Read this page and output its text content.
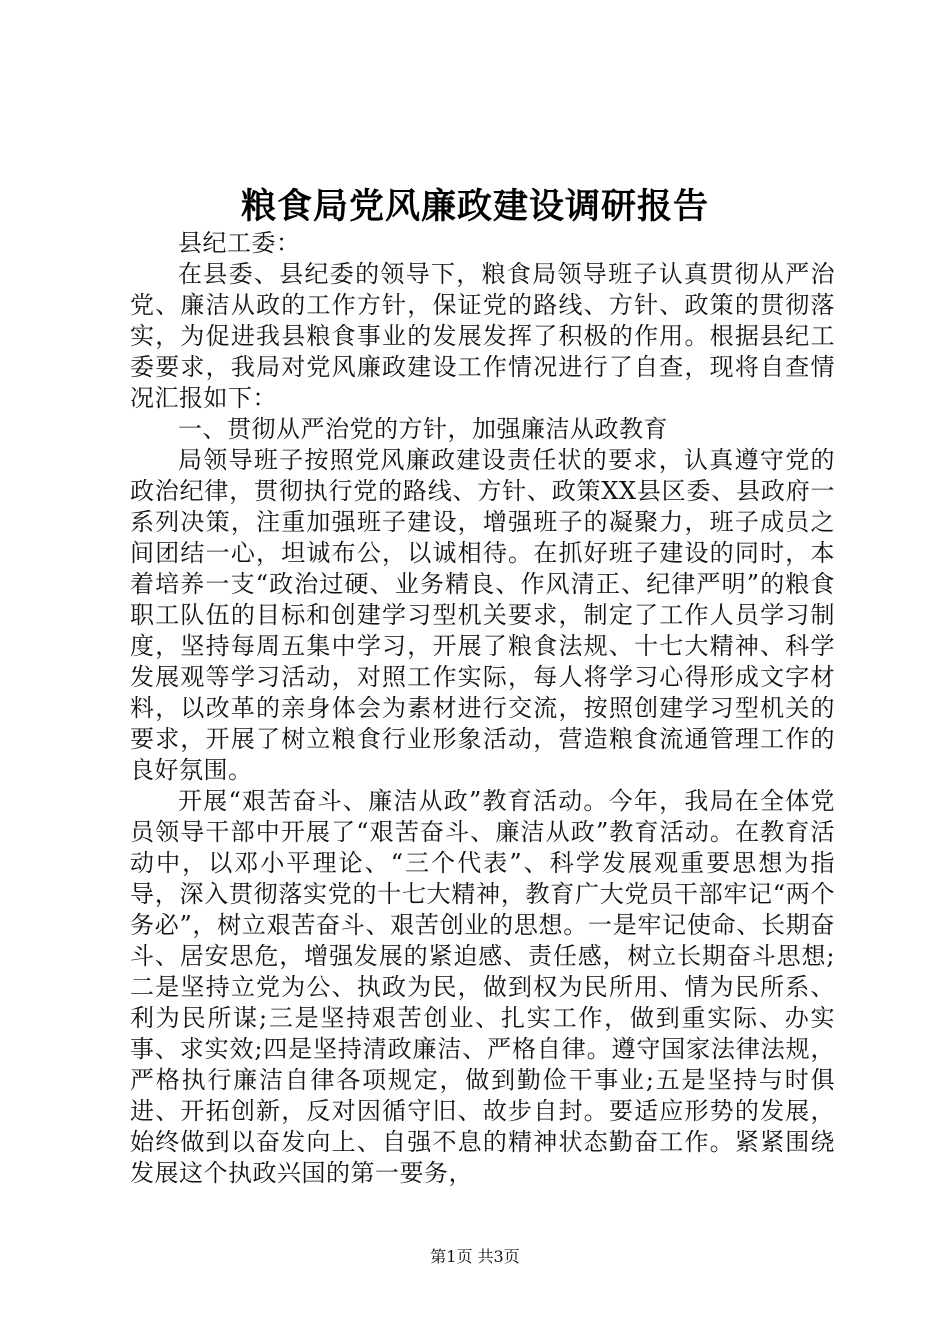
粮食局党风廉政建设调研报告

县纪工委：

在县委、县纪委的领导下，粮食局领导班子认真贯彻从严治党、廉洁从政的工作方针，保证党的路线、方针、政策的贯彻落实，为促进我县粮食事业的发展发挥了积极的作用。根据县纪工委要求，我局对党风廉政建设工作情况进行了自查，现将自查情况汇报如下：

一、贯彻从严治党的方针，加强廉洁从政教育

局领导班子按照党风廉政建设责任状的要求，认真遵守党的政治纪律，贯彻执行党的路线、方针、政策XX县区委、县政府一系列决策，注重加强班子建设，增强班子的凝聚力，班子成员之间团结一心，坦诚布公，以诚相待。在抓好班子建设的同时，本着培养一支“政治过硬、业务精良、作风清正、纪律严明”的粮食职工队伍的目标和创建学习型机关要求，制定了工作人员学习制度，坚持每周五集中学习，开展了粮食法规、十七大精神、科学发展观等学习活动，对照工作实际，每人将学习心得形成文字材料，以改革的亲身体会为素材进行交流，按照创建学习型机关的要求，开展了树立粮食行业形象活动，营造粮食流通管理工作的良好氛围。

开展“艰苦奋斗、廉洁从政”教育活动。今年，我局在全体党员领导干部中开展了“艰苦奋斗、廉洁从政”教育活动。在教育活动中，以邓小平理论、“三个代表”、科学发展观重要思想为指导，深入贯彻落实党的十七大精神，教育广大党员干部牢记“两个务必”，树立艰苦奋斗、艰苦创业的思想。一是牢记使命、长期奋斗、居安思危，增强发展的紧迫感、责任感，树立长期奋斗思想;二是坚持立党为公、执政为民，做到权为民所用、情为民所系、利为民所谋;三是坚持艰苦创业、扎实工作，做到重实际、办实事、求实效;四是坚持清政廉洁、严格自律。遵守国家法律法规，严格执行廉洁自律各项规定，做到勤俭干事业;五是坚持与时俱进、开拓创新，反对因循守旧、故步自封。要适应形势的发展，始终做到以奋发向上、自强不息的精神状态勤奋工作。紧紧围绕发展这个执政兴国的第一要务，

第1页 共3页
